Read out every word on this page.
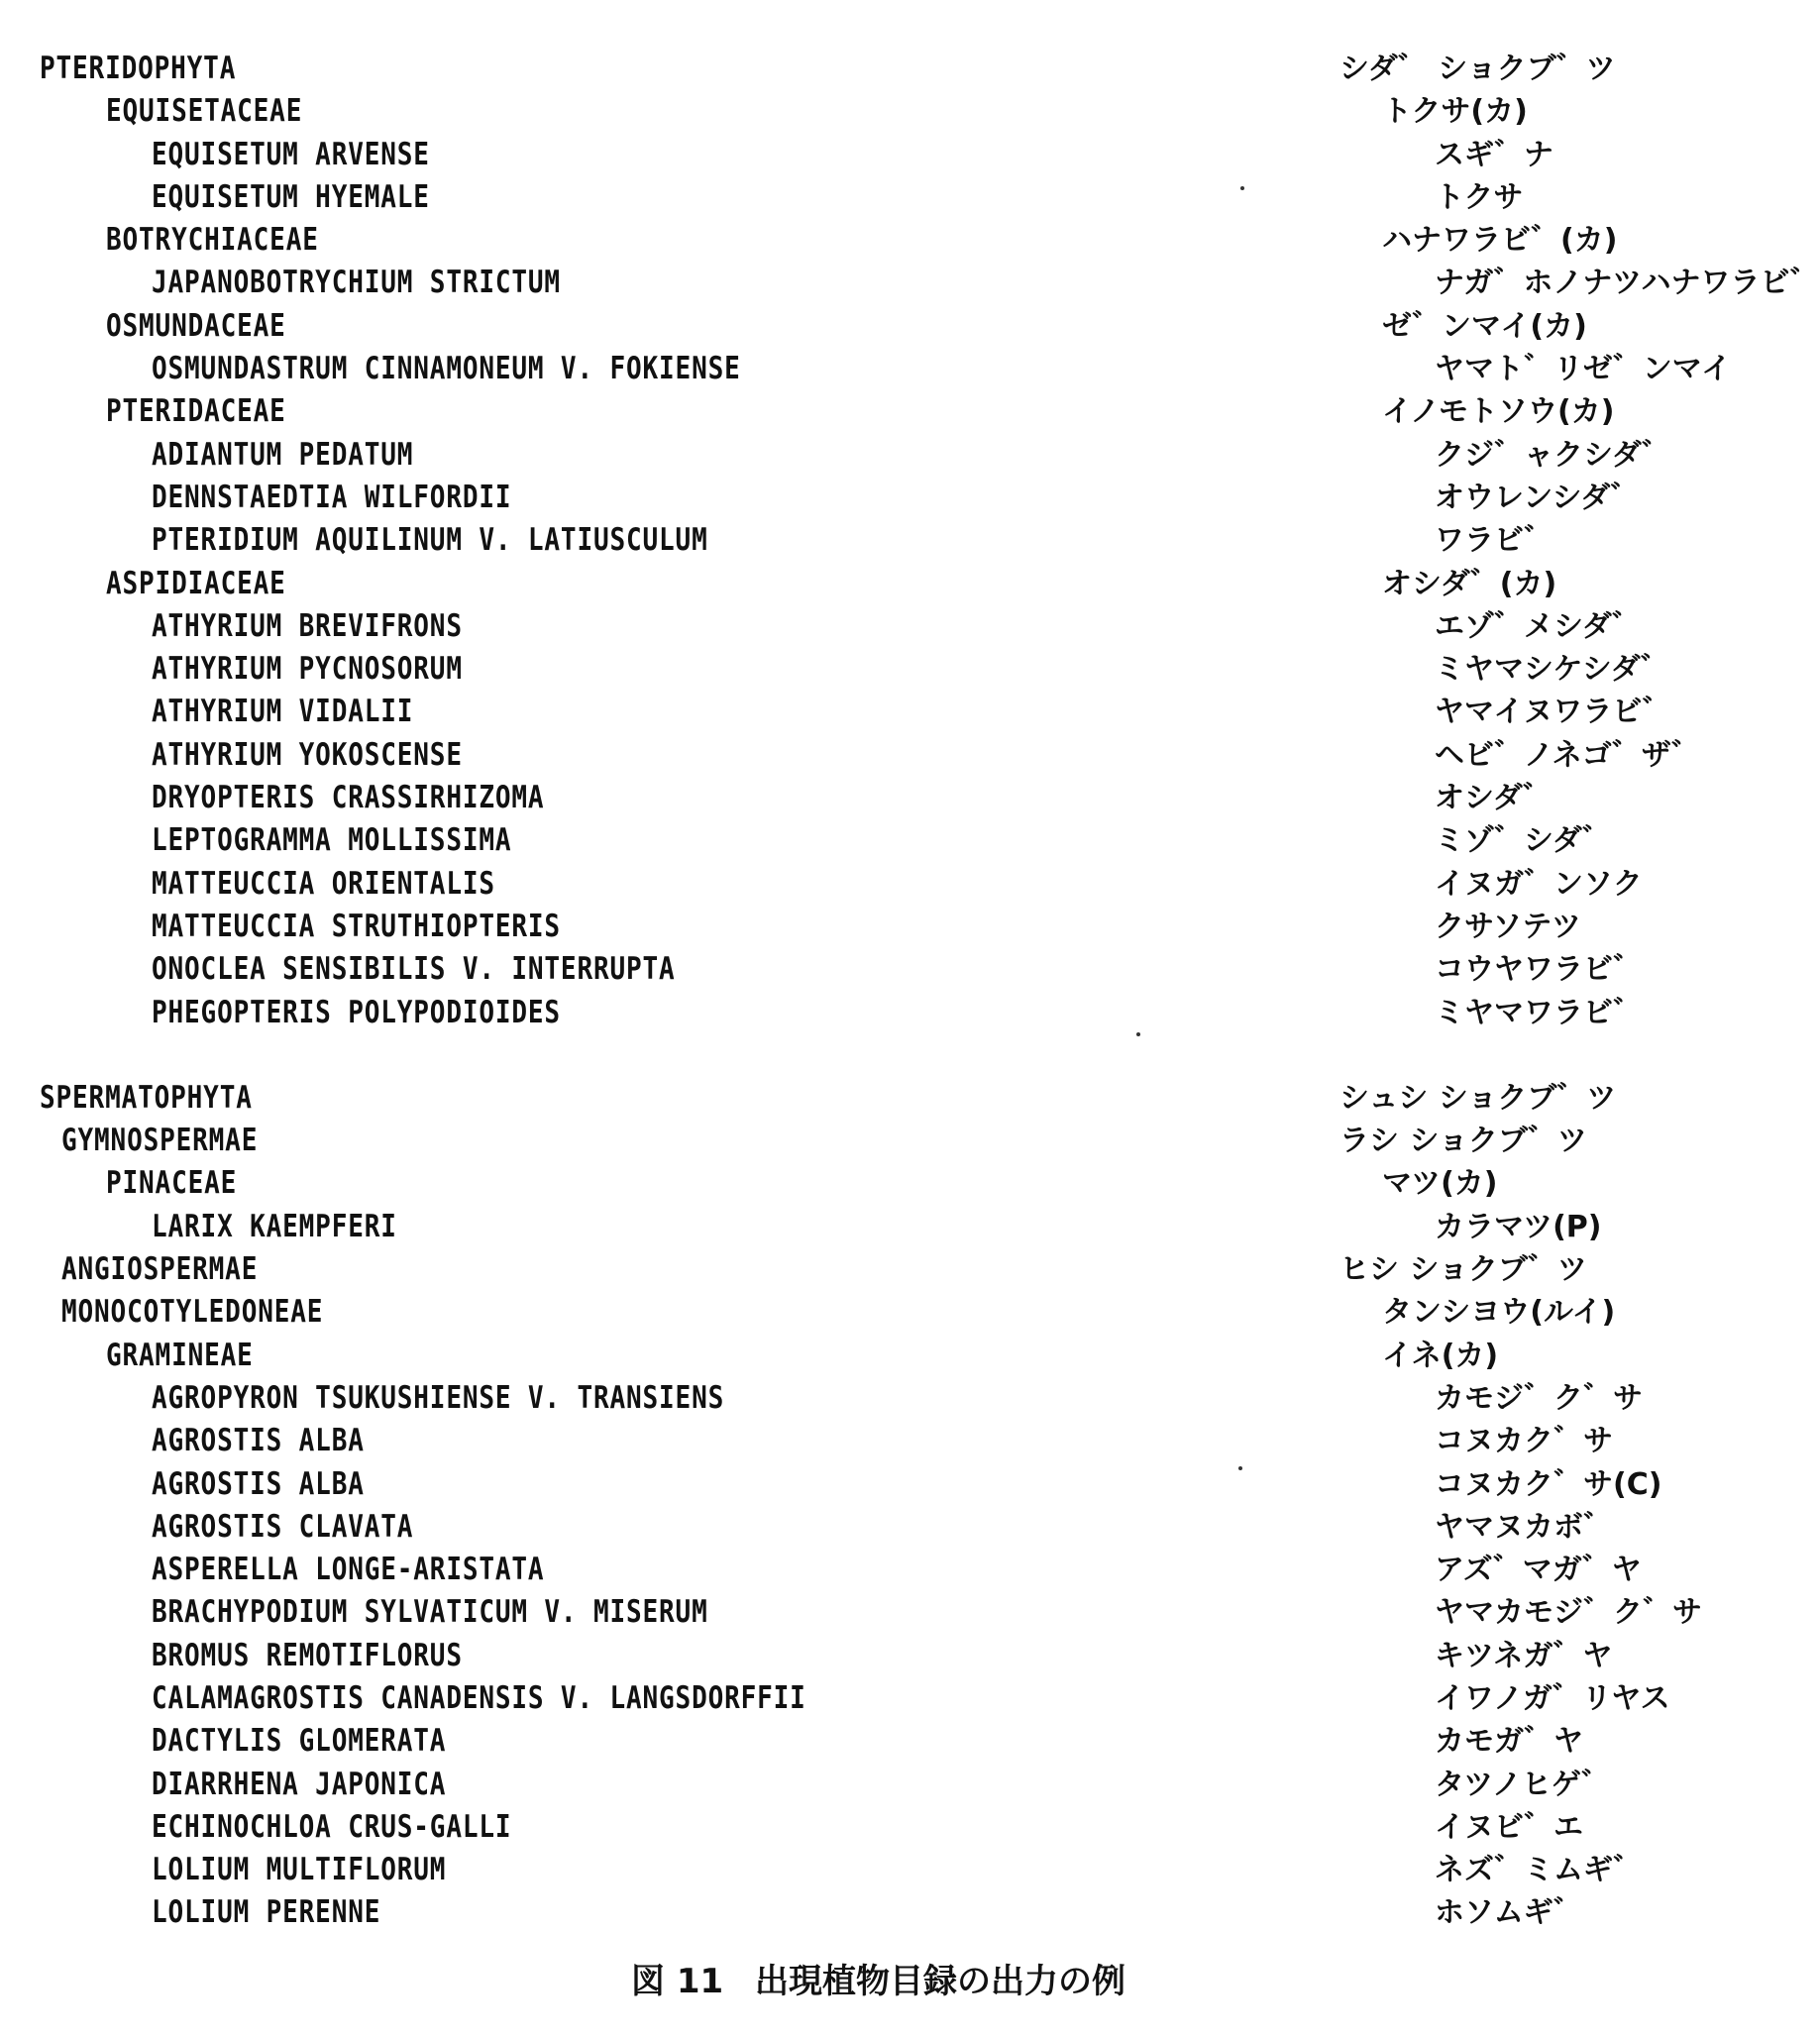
PTERIDOPHYTA	シダ゛ ショクブ゛ツ
EQUISETACEAE	トクサ(カ)
EQUISETUM ARVENSE	スギ゛ナ
EQUISETUM HYEMALE	トクサ
BOTRYCHIACEAE	ハナワラビ゛(カ)
JAPANOBOTRYCHIUM STRICTUM	ナガ゛ホノナツハナワラビ゛
OSMUNDACEAE	ゼ゛ンマイ(カ)
OSMUNDASTRUM CINNAMONEUM V. FOKIENSE	ヤマト゛リゼ゛ンマイ
PTERIDACEAE	イノモトソウ(カ)
ADIANTUM PEDATUM	クジ゛ャクシダ゛
DENNSTAEDTIA WILFORDII	オウレンシダ゛
PTERIDIUM AQUILINUM V. LATIUSCULUM	ワラビ゛
ASPIDIACEAE	オシダ゛(カ)
ATHYRIUM BREVIFRONS	エゾ゛メシダ゛
ATHYRIUM PYCNOSORUM	ミヤマシケシダ゛
ATHYRIUM VIDALII	ヤマイヌワラビ゛
ATHYRIUM YOKOSCENSE	ヘビ゛ノネゴ゛ザ゛
DRYOPTERIS CRASSIRHIZOMA	オシダ゛
LEPTOGRAMMA MOLLISSIMA	ミゾ゛シダ゛
MATTEUCCIA ORIENTALIS	イヌガ゛ンソク
MATTEUCCIA STRUTHIOPTERIS	クサソテツ
ONOCLEA SENSIBILIS V. INTERRUPTA	コウヤワラビ゛
PHEGOPTERIS POLYPODIOIDES	ミヤマワラビ゛
SPERMATOPHYTA	シュシ ショクブ゛ツ
GYMNOSPERMAE	ラシ ショクブ゛ツ
PINACEAE	マツ(カ)
LARIX KAEMPFERI	カラマツ(P)
ANGIOSPERMAE	ヒシ ショクブ゛ツ
MONOCOTYLEDONEAE	タンシヨウ(ルイ)
GRAMINEAE	イネ(カ)
AGROPYRON TSUKUSHIENSE V. TRANSIENS	カモジ゛ク゛サ
AGROSTIS ALBA	コヌカク゛サ
AGROSTIS ALBA	コヌカク゛サ(C)
AGROSTIS CLAVATA	ヤマヌカボ゛
ASPERELLA LONGE-ARISTATA	アズ゛マガ゛ヤ
BRACHYPODIUM SYLVATICUM V. MISERUM	ヤマカモジ゛ク゛サ
BROMUS REMOTIFLORUS	キツネガ゛ヤ
CALAMAGROSTIS CANADENSIS V. LANGSDORFFII	イワノガ゛リヤス
DACTYLIS GLOMERATA	カモガ゛ヤ
DIARRHENA JAPONICA	タツノヒゲ゛
ECHINOCHLOA CRUS-GALLI	イヌビ゛エ
LOLIUM MULTIFLORUM	ネズ゛ミムギ゛
LOLIUM PERENNE	ホソムギ゛
図 11 出現植物目録の出力の例
